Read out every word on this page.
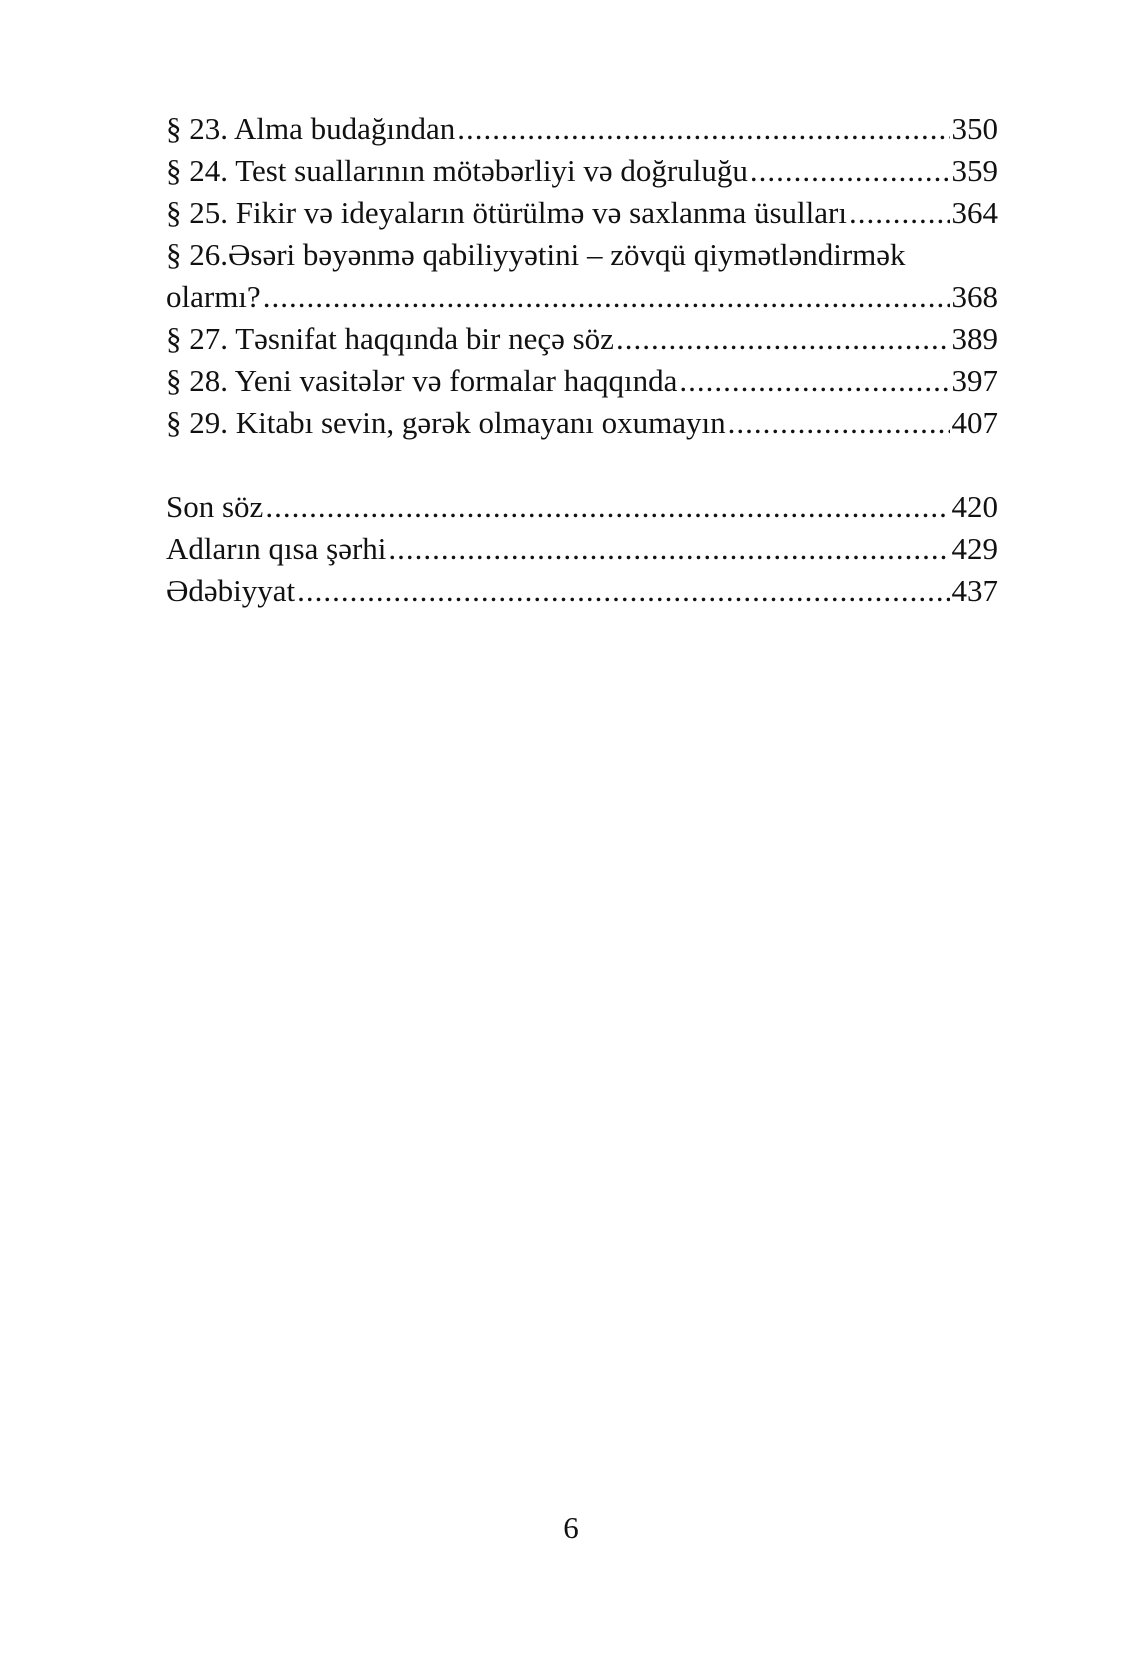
§ 23. Alma budağından .....	350
§ 24. Test suallarının mötəbərliyi və doğruluğu .....	359
§ 25. Fikir və ideyaların ötürülmə və saxlanma üsulları .....	364
§ 26.Əsəri bəyənmə qabiliyyətini – zövqü qiymətləndirmək
olarmı? .....	368
§ 27. Təsnifat haqqında bir neçə söz .....	389
§ 28. Yeni vasitələr və formalar haqqında .....	397
§ 29. Kitabı sevin, gərək olmayanı oxumayın .....	407
Son söz .....	420
Adların qısa şərhi .....	429
Ədəbiyyat .....	437
6
